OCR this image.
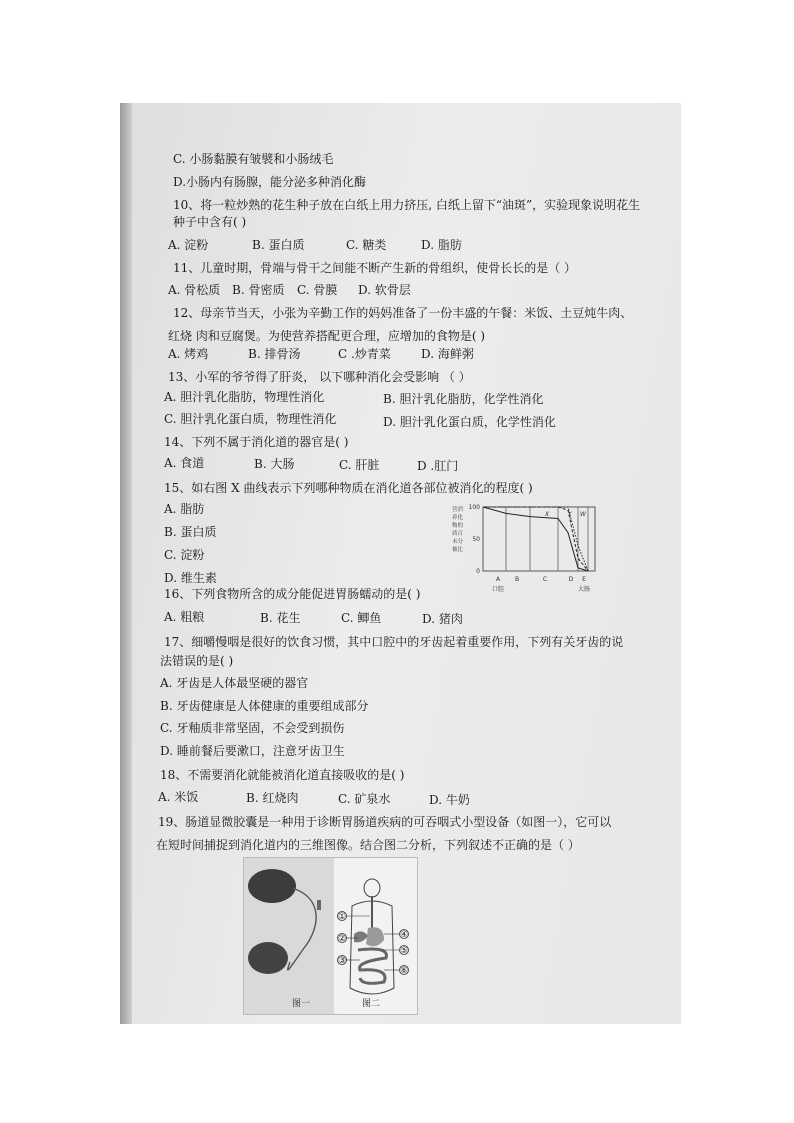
C. 小肠黏膜有皱襞和小肠绒毛
D.小肠内有肠腺，能分泌多种消化酶
10、将一粒炒熟的花生种子放在白纸上用力挤压, 白纸上留下“油斑”，实验现象说明花生
种子中含有( )
A. 淀粉	B. 蛋白质	C. 糖类	D. 脂肪
11、儿童时期，骨端与骨干之间能不断产生新的骨组织，使骨长长的是（ ）
A. 骨松质 B. 骨密质 C. 骨膜 D. 软骨层
12、母亲节当天，小张为辛勤工作的妈妈准备了一份丰盛的午餐：米饭、土豆炖牛肉、
红烧 肉和豆腐煲。为使营养搭配更合理，应增加的食物是( )
A. 烤鸡	B. 排骨汤	C .炒青菜	D. 海鲜粥
13、小军的爷爷得了肝炎， 以下哪种消化会受影响 （ ）
A. 胆汁乳化脂肪，物理性消化	B. 胆汁乳化脂肪，化学性消化
C. 胆汁乳化蛋白质，物理性消化	D. 胆汁乳化蛋白质，化学性消化
14、下列不属于消化道的器官是( )
A. 食道	B. 大肠	C. 肝脏	D .肛门
15、如右图 X 曲线表示下列哪种物质在消化道各部位被消化的程度( )
A. 脂肪
B. 蛋白质
C. 淀粉
D. 维生素
营消
养化
物的
质百
未分
被比
100
50
0
X	Y W
A B	C	D E
口腔	大肠
16、下列食物所含的成分能促进胃肠蠕动的是( )
A. 粗粮	B. 花生	C. 鲫鱼	D. 猪肉
17、细嚼慢咽是很好的饮食习惯，其中口腔中的牙齿起着重要作用，下列有关牙齿的说
法错误的是( )
A. 牙齿是人体最坚硬的器官
B. 牙齿健康是人体健康的重要组成部分
C. 牙釉质非常坚固，不会受到损伤
D. 睡前餐后要漱口，注意牙齿卫生
18、不需要消化就能被消化道直接吸收的是( )
A. 米饭	B. 红烧肉	C. 矿泉水	D. 牛奶
19、肠道显微胶囊是一种用于诊断胃肠道疾病的可吞咽式小型设备（如图一），它可以
在短时间捕捉到消化道内的三维图像。结合图二分析，下列叙述不正确的是（ ）
①
②
③
④
⑤
⑥
图一	图二
